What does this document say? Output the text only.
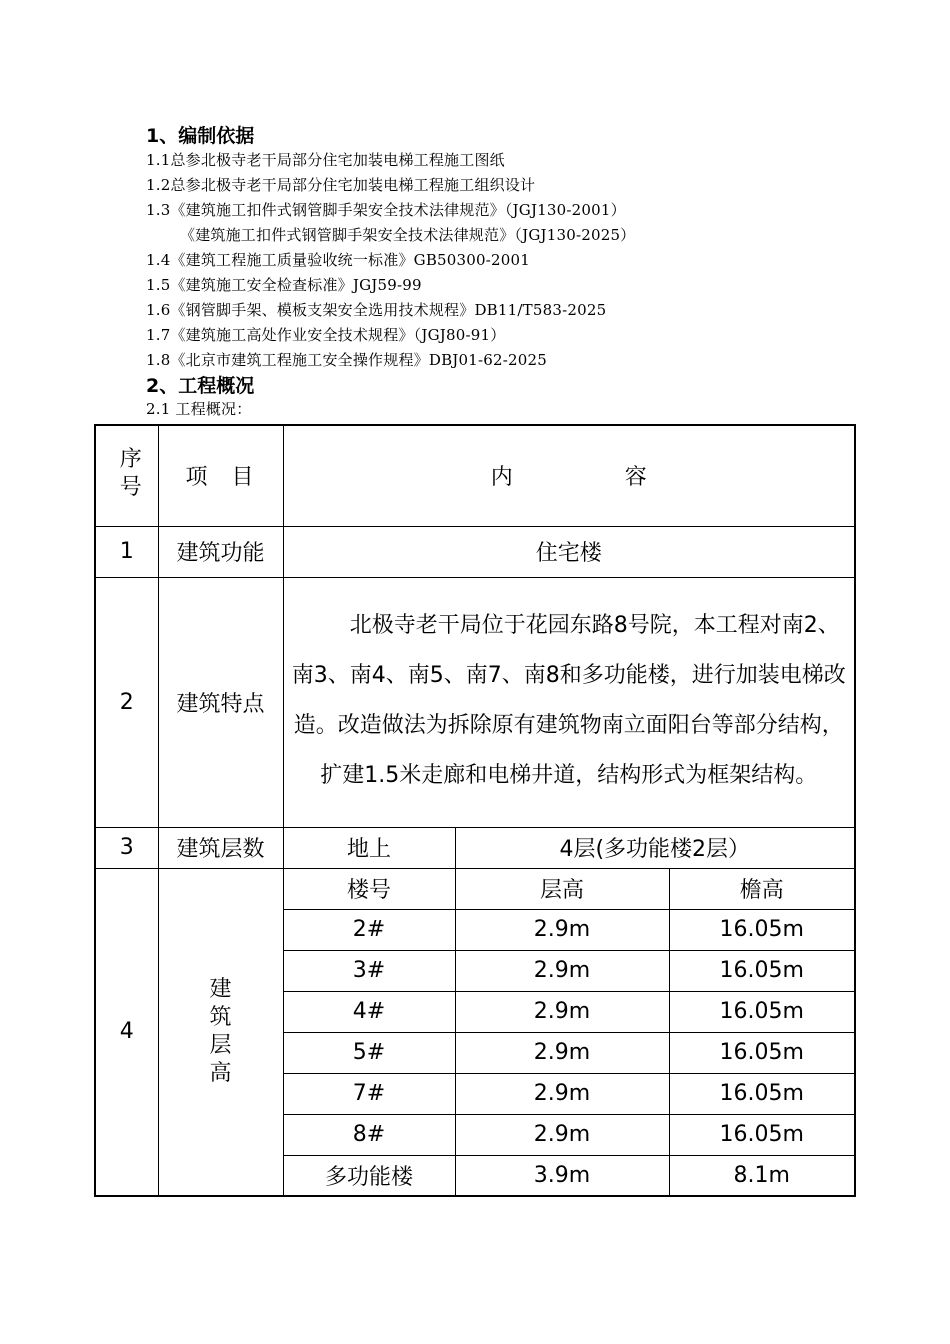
1、编制依据
1.1总参北极寺老干局部分住宅加装电梯工程施工图纸
1.2总参北极寺老干局部分住宅加装电梯工程施工组织设计
1.3《建筑施工扣件式钢管脚手架安全技术法律规范》（JGJ130-2001）
《建筑施工扣件式钢管脚手架安全技术法律规范》（JGJ130-2025）
1.4《建筑工程施工质量验收统一标准》GB50300-2001
1.5《建筑施工安全检查标准》JGJ59-99
1.6《钢管脚手架、模板支架安全选用技术规程》DB11/T583-2025
1.7《建筑施工高处作业安全技术规程》（JGJ80-91）
1.8《北京市建筑工程施工安全操作规程》DBJ01-62-2025
2、工程概况
2.1 工程概况：
序号	项 目	内 容		
1	建筑功能	住宅楼		
2	建筑特点	北极寺老干局位于花园东路8号院，本工程对南2、南3、南4、南5、南7、南8和多功能楼，进行加装电梯改造。改造做法为拆除原有建筑物南立面阳台等部分结构，扩建1.5米走廊和电梯井道，结构形式为框架结构。		

3	建筑层数	地上	4层(多功能楼2层）	
4	建筑层高	楼号	层高	檐高
		2#	2.9m	16.05m
		3#	2.9m	16.05m
		4#	2.9m	16.05m
		5#	2.9m	16.05m
		7#	2.9m	16.05m
		8#	2.9m	16.05m
		多功能楼	3.9m	8.1m
